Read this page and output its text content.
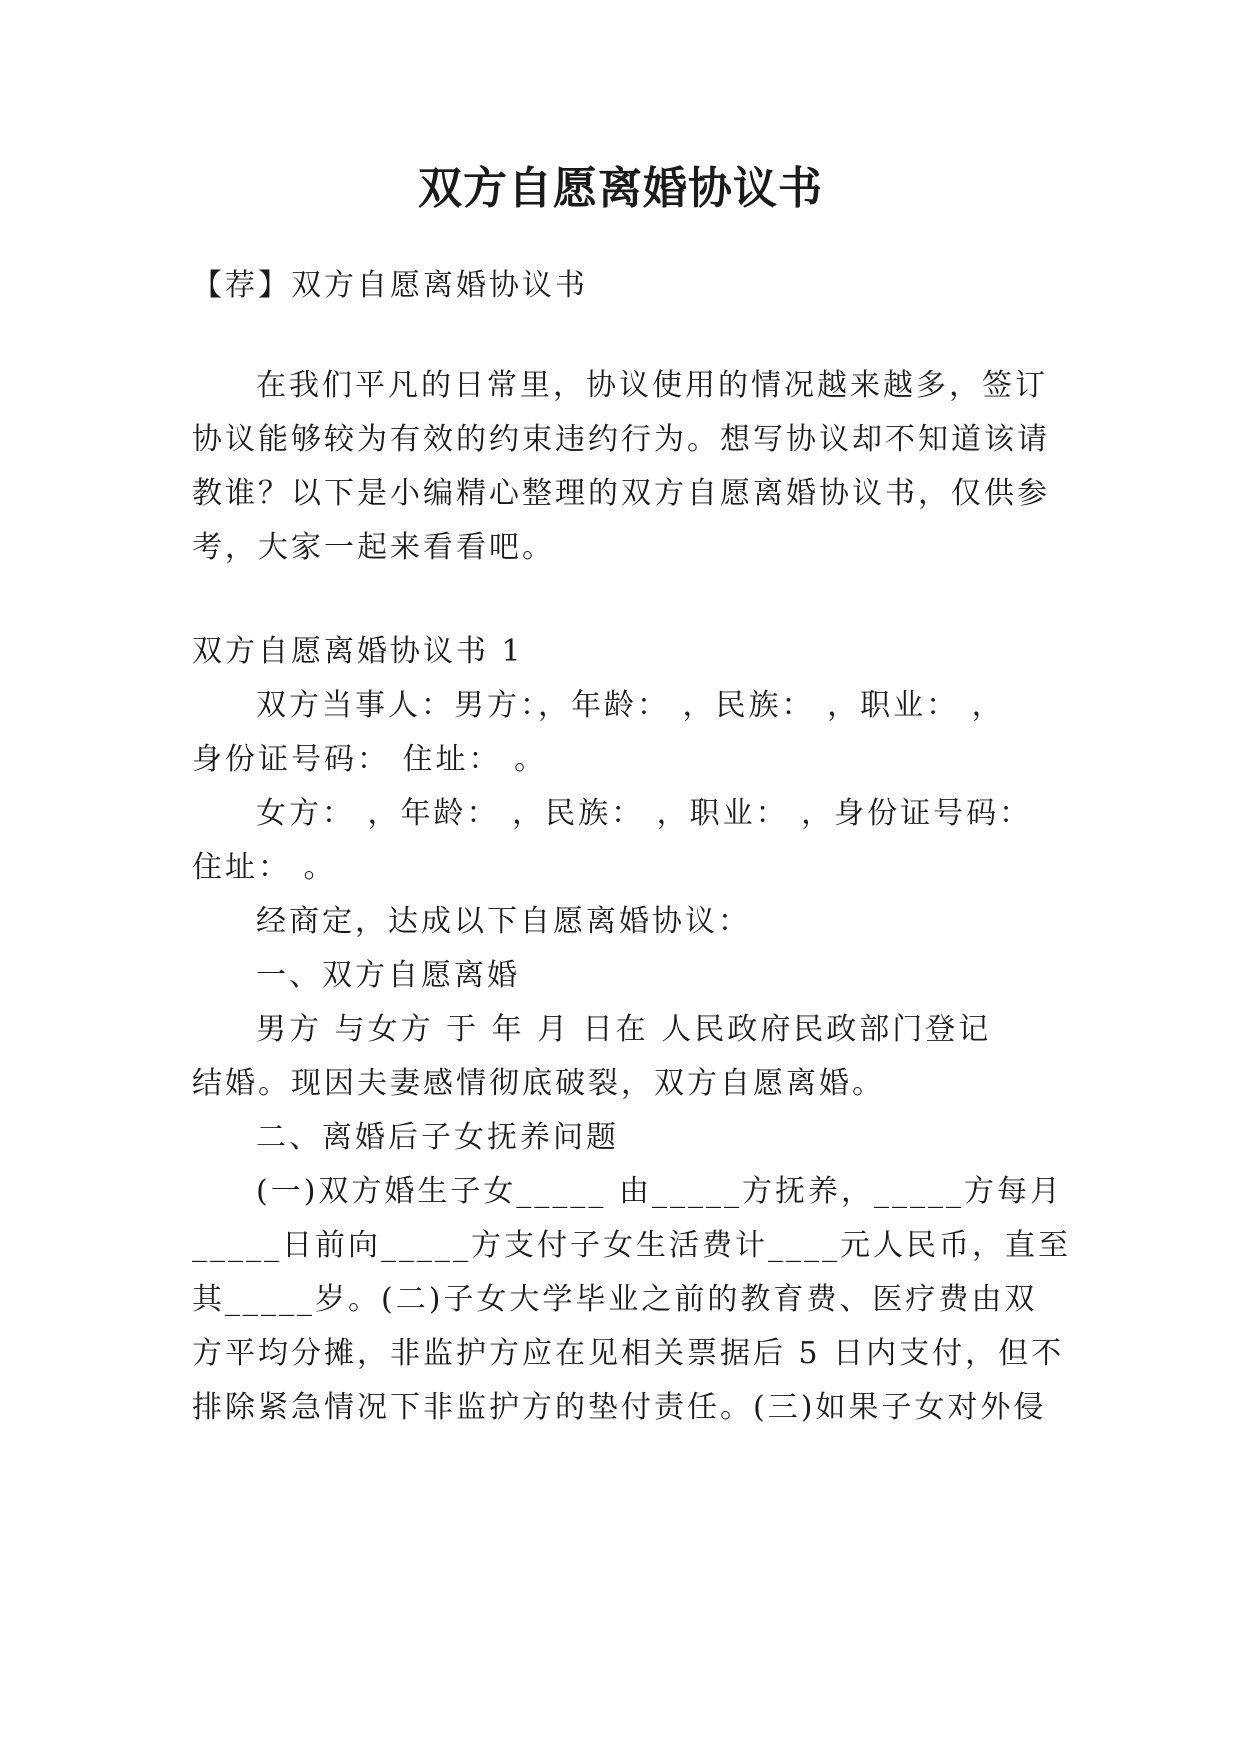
双方自愿离婚协议书
【荐】双方自愿离婚协议书
在我们平凡的日常里，协议使用的情况越来越多，签订
协议能够较为有效的约束违约行为。想写协议却不知道该请
教谁？以下是小编精心整理的双方自愿离婚协议书，仅供参
考，大家一起来看看吧。
双方自愿离婚协议书 1
双方当事人：男方：，年龄： ，民族： ，职业： ，
身份证号码： 住址： 。
女方： ，年龄： ，民族： ，职业： ，身份证号码：
住址： 。
经商定，达成以下自愿离婚协议：
一、双方自愿离婚
男方 与女方 于 年 月 日在 人民政府民政部门登记
结婚。现因夫妻感情彻底破裂，双方自愿离婚。
二、离婚后子女抚养问题
(一)双方婚生子女_____ 由_____方抚养，_____方每月
_____日前向_____方支付子女生活费计____元人民币，直至
其_____岁。(二)子女大学毕业之前的教育费、医疗费由双
方平均分摊，非监护方应在见相关票据后 5 日内支付，但不
排除紧急情况下非监护方的垫付责任。(三)如果子女对外侵
